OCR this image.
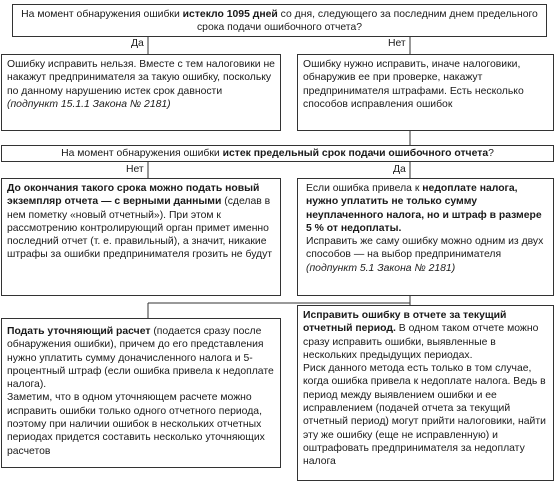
На момент обнаружения ошибки истекло 1095 дней со дня, следующего за последним днем предельного срока подачи ошибочного отчета?
Да	Нет
Ошибку исправить нельзя. Вместе с тем налоговики не накажут предпринимателя за такую ошибку, поскольку по данному нарушению истек срок давности (подпункт 15.1.1 Закона № 2181)
Ошибку нужно исправить, иначе налоговики, обнаружив ее при проверке, накажут предпринимателя штрафами. Есть несколько способов исправления ошибок
На момент обнаружения ошибки истек предельный срок подачи ошибочного отчета?
Нет	Да
До окончания такого срока можно подать новый экземпляр отчета — с верными данными (сделав в нем пометку «новый отчетный»). При этом к рассмотрению контролирующий орган примет именно последний отчет (т. е. правильный), а значит, никакие штрафы за ошибки предпринимателя грозить не будут

Если ошибка привела к недоплате налога, нужно уплатить не только сумму неуплаченного налога, но и штраф в размере 5 % от недоплаты.

Исправить же саму ошибку можно одним из двух способов — на выбор предпринимателя (подпункт 5.1 Закона № 2181)

Подать уточняющий расчет (подается сразу после обнаружения ошибки), причем до его представления нужно уплатить сумму доначисленного налога и 5-процентный штраф (если ошибка привела к недоплате налога).

Заметим, что в одном уточняющем расчете можно исправить ошибки только одного отчетного периода, поэтому при наличии ошибок в нескольких отчетных периодах придется составить несколько уточняющих расчетов

Исправить ошибку в отчете за текущий отчетный период. В одном таком отчете можно сразу исправить ошибки, выявленные в нескольких предыдущих периодах.

Риск данного метода есть только в том случае, когда ошибка привела к недоплате налога. Ведь в период между выявлением ошибки и ее исправлением (подачей отчета за текущий отчетный период) могут прийти налоговики, найти эту же ошибку (еще не исправленную) и оштрафовать предпринимателя за недоплату налога
